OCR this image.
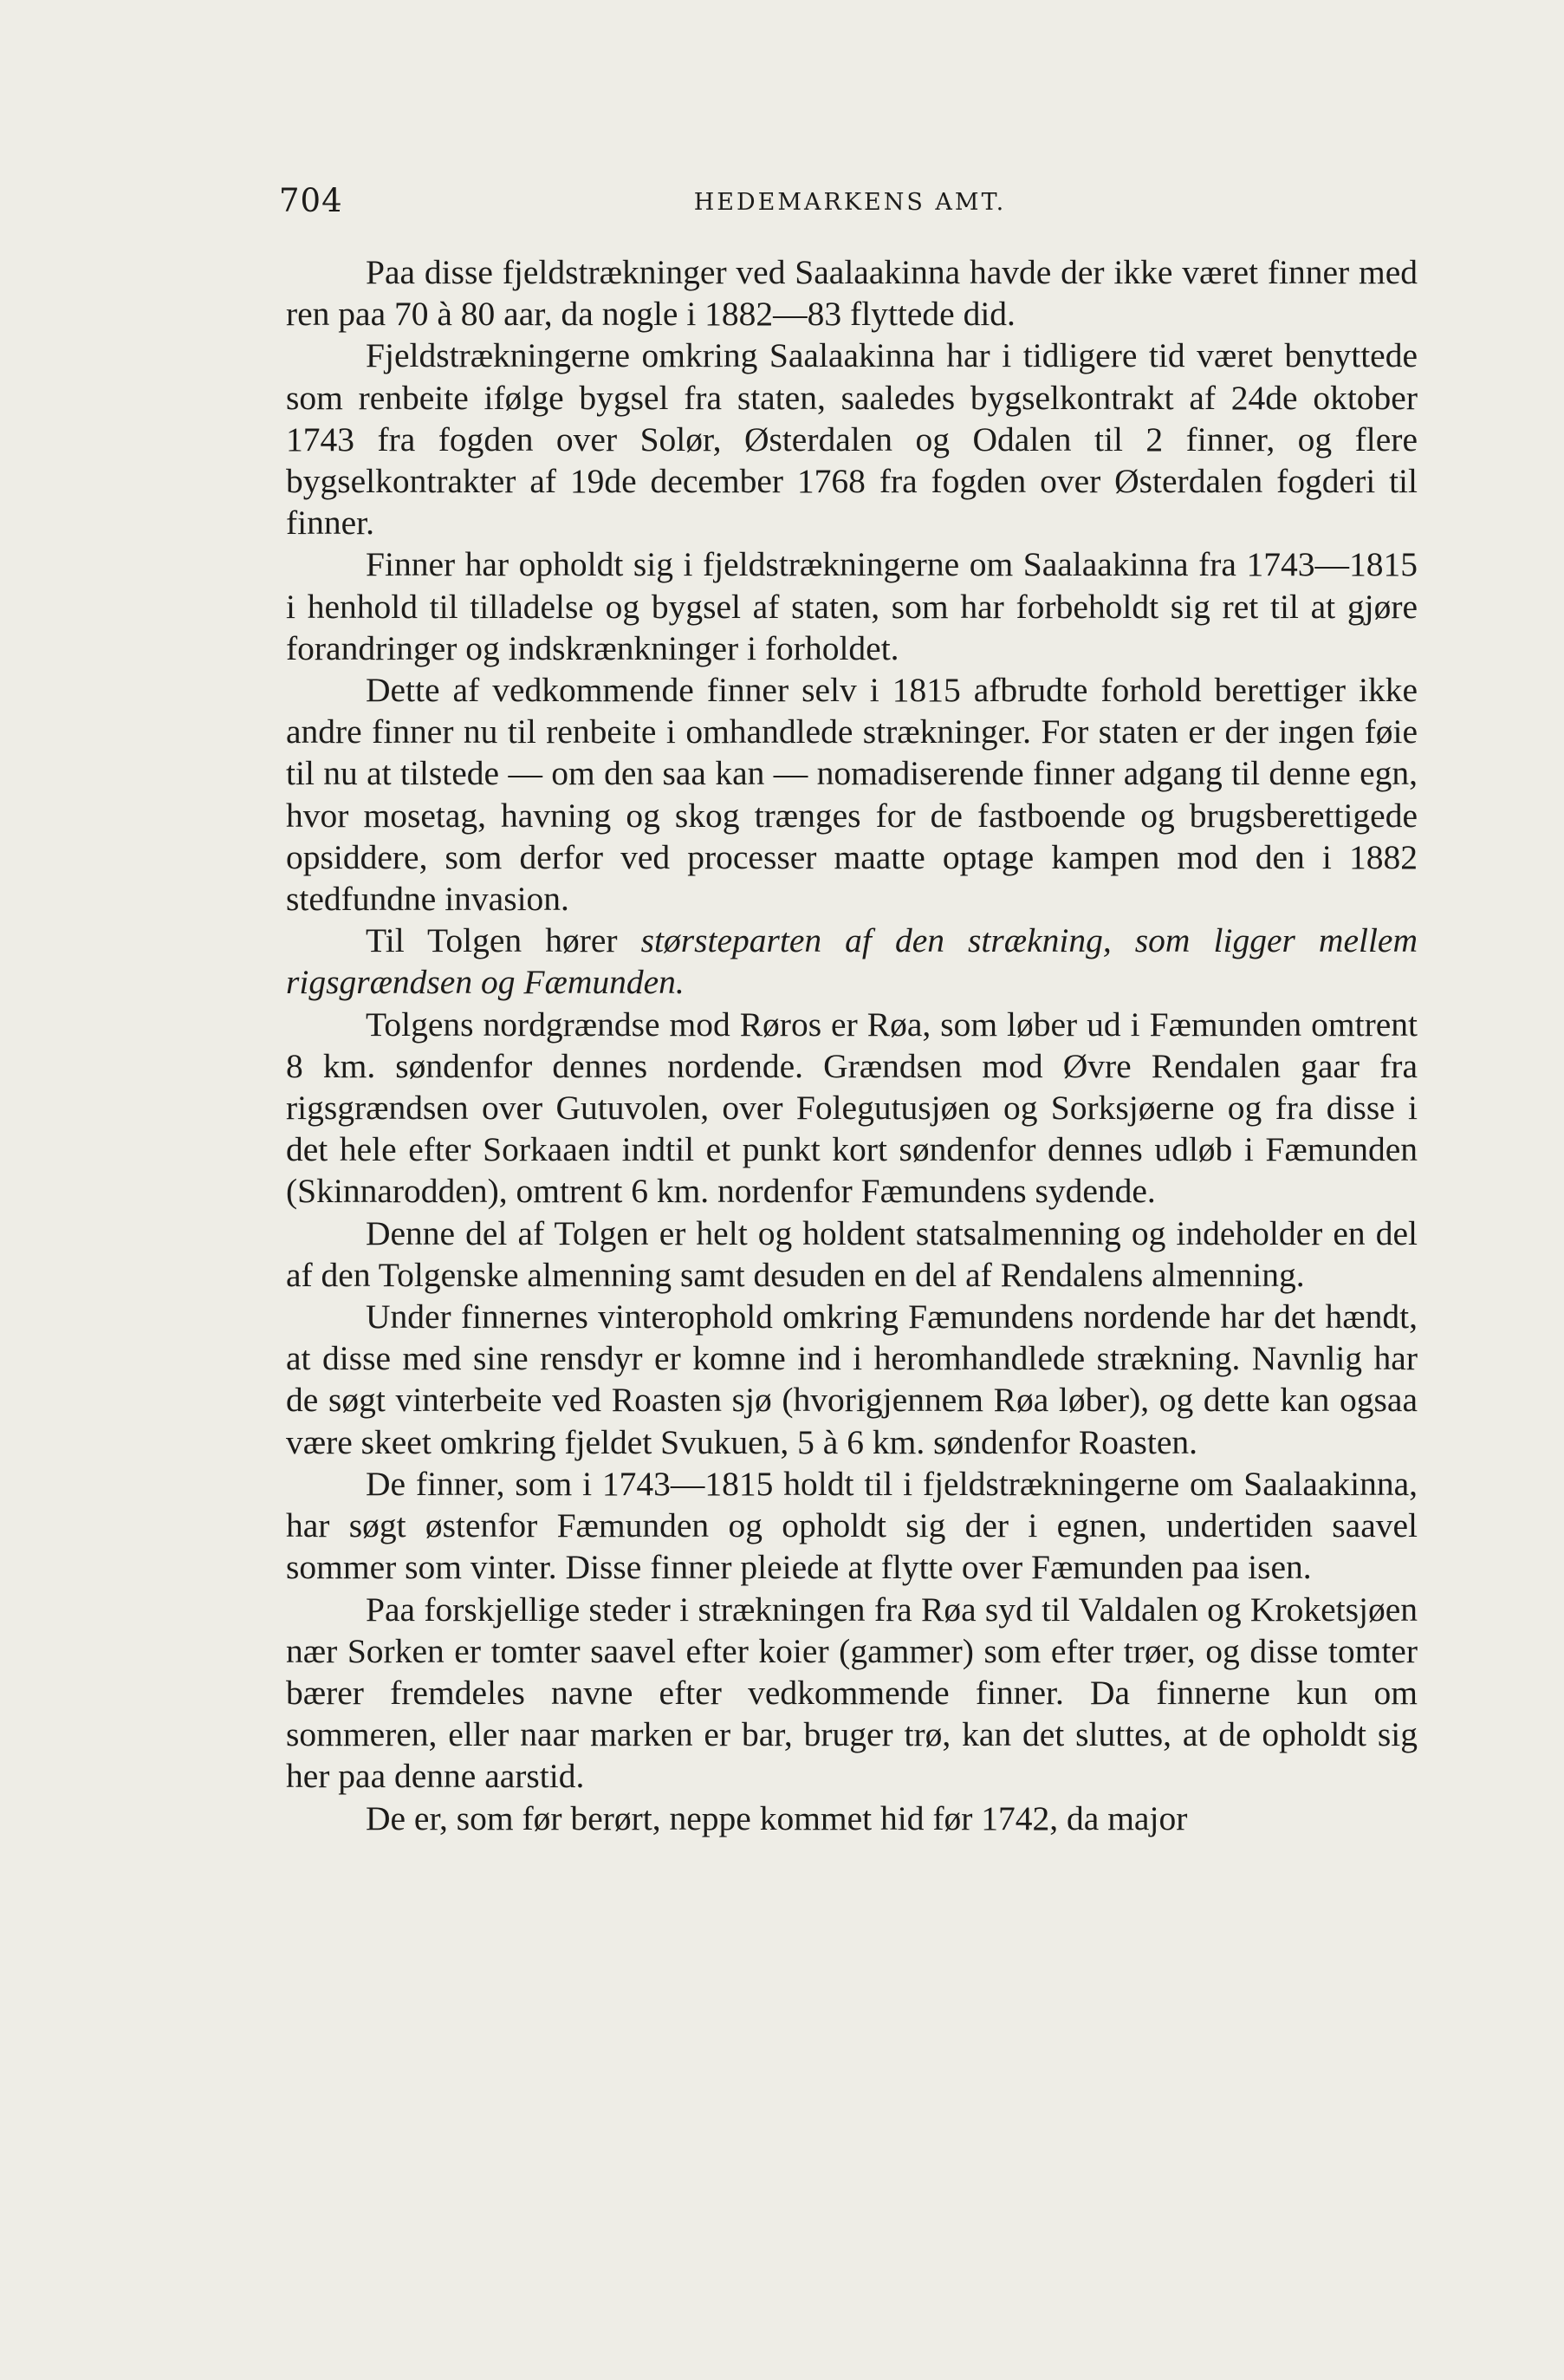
704	HEDEMARKENS AMT.

Paa disse fjeldstrækninger ved Saalaakinna havde der ikke været finner med ren paa 70 à 80 aar, da nogle i 1882—83 flyttede did.

Fjeldstrækningerne omkring Saalaakinna har i tidligere tid været benyttede som renbeite ifølge bygsel fra staten, saaledes bygselkontrakt af 24de oktober 1743 fra fogden over Solør, Østerdalen og Odalen til 2 finner, og flere bygselkontrakter af 19de december 1768 fra fogden over Østerdalen fogderi til finner.

Finner har opholdt sig i fjeldstrækningerne om Saalaakinna fra 1743—1815 i henhold til tilladelse og bygsel af staten, som har forbeholdt sig ret til at gjøre forandringer og indskrænkninger i forholdet.

Dette af vedkommende finner selv i 1815 afbrudte forhold berettiger ikke andre finner nu til renbeite i omhandlede strækninger. For staten er der ingen føie til nu at tilstede — om den saa kan — nomadiserende finner adgang til denne egn, hvor mosetag, havning og skog trænges for de fastboende og brugsberettigede opsiddere, som derfor ved processer maatte optage kampen mod den i 1882 stedfundne invasion.

Til Tolgen hører størsteparten af den strækning, som ligger mellem rigsgrændsen og Fæmunden.

Tolgens nordgrændse mod Røros er Røa, som løber ud i Fæmunden omtrent 8 km. søndenfor dennes nordende. Grændsen mod Øvre Rendalen gaar fra rigsgrændsen over Gutuvolen, over Folegutusjøen og Sorksjøerne og fra disse i det hele efter Sorkaaen indtil et punkt kort søndenfor dennes udløb i Fæmunden (Skinnarodden), omtrent 6 km. nordenfor Fæmundens sydende.

Denne del af Tolgen er helt og holdent statsalmenning og indeholder en del af den Tolgenske almenning samt desuden en del af Rendalens almenning.

Under finnernes vinterophold omkring Fæmundens nordende har det hændt, at disse med sine rensdyr er komne ind i heromhandlede strækning. Navnlig har de søgt vinterbeite ved Roasten sjø (hvorigjennem Røa løber), og dette kan ogsaa være skeet omkring fjeldet Svukuen, 5 à 6 km. søndenfor Roasten.

De finner, som i 1743—1815 holdt til i fjeldstrækningerne om Saalaakinna, har søgt østenfor Fæmunden og opholdt sig der i egnen, undertiden saavel sommer som vinter. Disse finner pleiede at flytte over Fæmunden paa isen.

Paa forskjellige steder i strækningen fra Røa syd til Valdalen og Kroketsjøen nær Sorken er tomter saavel efter koier (gammer) som efter trøer, og disse tomter bærer fremdeles navne efter vedkommende finner. Da finnerne kun om sommeren, eller naar marken er bar, bruger trø, kan det sluttes, at de opholdt sig her paa denne aarstid.

De er, som før berørt, neppe kommet hid før 1742, da major
